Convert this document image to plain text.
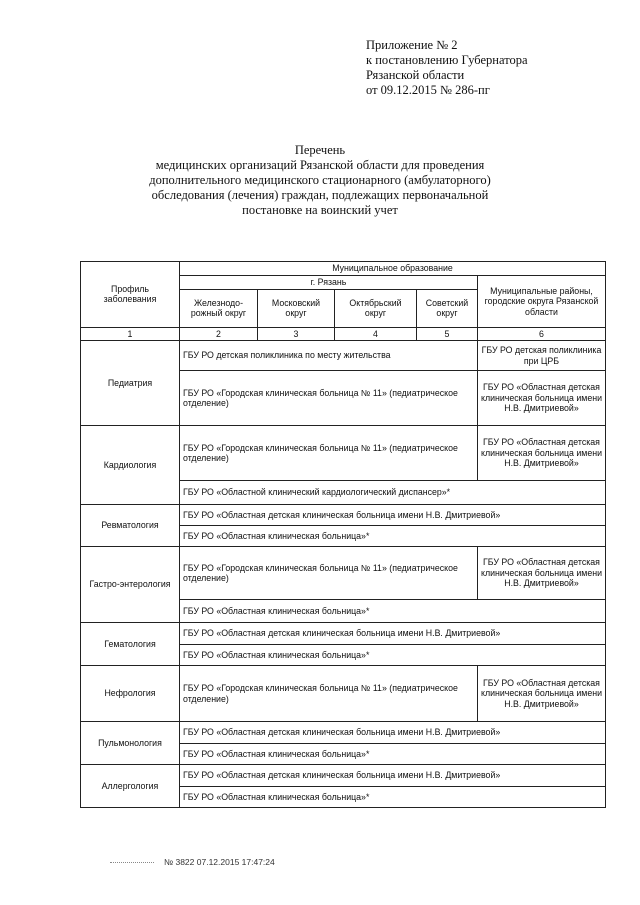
Приложение № 2
к постановлению Губернатора
Рязанской области
от 09.12.2015 № 286-пг
Перечень
медицинских организаций Рязанской области для проведения
дополнительного медицинского стационарного (амбулаторного)
обследования (лечения) граждан, подлежащих первоначальной
постановке на воинский учет
Профиль заболевания	Муниципальное образование				
	г. Рязань				Муниципальные районы, городские округа Рязанской области
	Железнодо-рожный округ	Московский округ	Октябрьский округ	Советский округ	
1	2	3	4	5	6
Педиатрия	ГБУ РО детская поликлиника по месту жительства				ГБУ РО детская поликлиника при ЦРБ
	ГБУ РО «Городская клиническая больница № 11» (педиатрическое отделение)				ГБУ РО «Областная детская клиническая больница имени Н.В. Дмитриевой»
Кардиология	ГБУ РО «Городская клиническая больница № 11» (педиатрическое отделение)				ГБУ РО «Областная детская клиническая больница имени Н.В. Дмитриевой»
	ГБУ РО «Областной клинический кардиологический диспансер»*				
Ревматология	ГБУ РО «Областная детская клиническая больница имени Н.В. Дмитриевой»				
	ГБУ РО «Областная клиническая больница»*				
Гастро-энтерология	ГБУ РО «Городская клиническая больница № 11» (педиатрическое отделение)				ГБУ РО «Областная детская клиническая больница имени Н.В. Дмитриевой»
	ГБУ РО «Областная клиническая больница»*				
Гематология	ГБУ РО «Областная детская клиническая больница имени Н.В. Дмитриевой»				
	ГБУ РО «Областная клиническая больница»*				
Нефрология	ГБУ РО «Городская клиническая больница № 11» (педиатрическое отделение)				ГБУ РО «Областная детская клиническая больница имени Н.В. Дмитриевой»
Пульмонология	ГБУ РО «Областная детская клиническая больница имени Н.В. Дмитриевой»				
	ГБУ РО «Областная клиническая больница»*				
Аллергология	ГБУ РО «Областная детская клиническая больница имени Н.В. Дмитриевой»				
	ГБУ РО «Областная клиническая больница»*				
№ 3822 07.12.2015 17:47:24
